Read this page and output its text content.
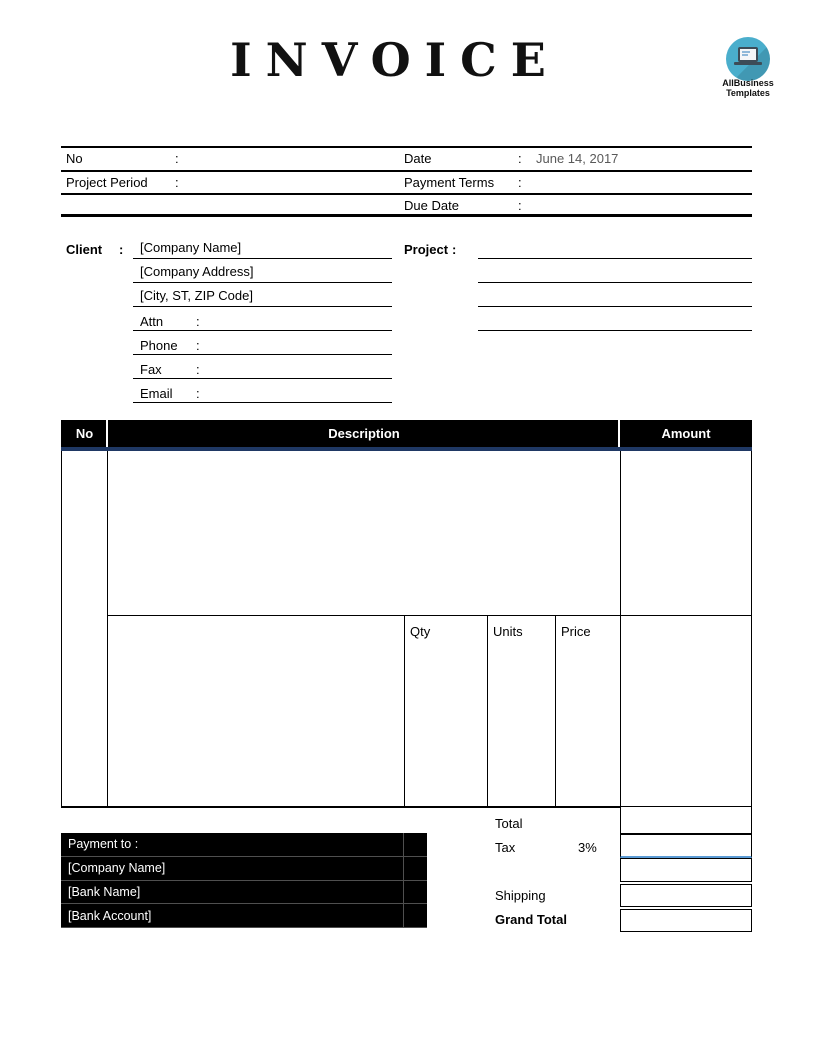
INVOICE	AllBusiness
Templates
No	:	Date	: June 14, 2017
Project Period :	Payment Terms :
Due Date	:
Client :	[Company Name]
[Company Address]
[City, ST, ZIP Code]
Attn	:
Phone :
Fax	:
Email :
Project :
No	Description	Amount
Qty	Units	Price
Total
Tax	3%
Shipping
Grand Total
Payment to :
[Company Name]
[Bank Name]
[Bank Account]
